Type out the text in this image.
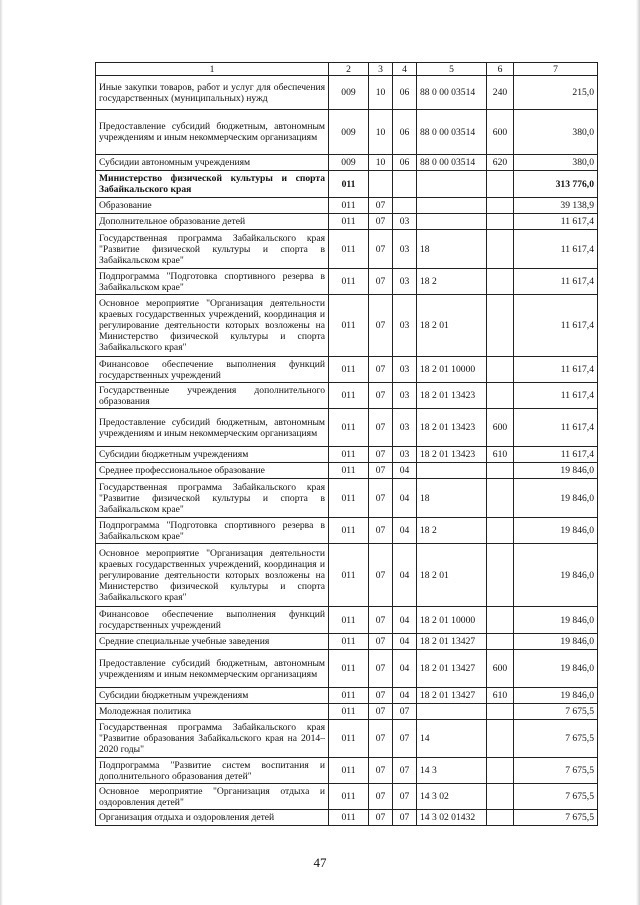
1	2	3	4	5	6	7
Иные закупки товаров, работ и услуг для обеспечения государственных (муниципальных) нужд	009	10	06	88 0 00 03514	240	215,0
Предоставление субсидий бюджетным, автономным учреждениям и иным некоммерческим организациям	009	10	06	88 0 00 03514	600	380,0
Субсидии автономным учреждениям	009	10	06	88 0 00 03514	620	380,0
Министерство физической культуры и спорта Забайкальского края	011					313 776,0
Образование	011	07				39 138,9
Дополнительное образование детей	011	07	03			11 617,4
Государственная программа Забайкальского края "Развитие физической культуры и спорта в Забайкальском крае"	011	07	03	18		11 617,4
Подпрограмма "Подготовка спортивного резерва в Забайкальском крае"	011	07	03	18 2		11 617,4
Основное мероприятие "Организация деятельности краевых государственных учреждений, координация и регулирование деятельности которых возложены на Министерство физической культуры и спорта Забайкальского края"	011	07	03	18 2 01		11 617,4
Финансовое обеспечение выполнения функций государственных учреждений	011	07	03	18 2 01 10000		11 617,4
Государственные учреждения дополнительного образования	011	07	03	18 2 01 13423		11 617,4
Предоставление субсидий бюджетным, автономным учреждениям и иным некоммерческим организациям	011	07	03	18 2 01 13423	600	11 617,4
Субсидии бюджетным учреждениям	011	07	03	18 2 01 13423	610	11 617,4
Среднее профессиональное образование	011	07	04			19 846,0
Государственная программа Забайкальского края "Развитие физической культуры и спорта в Забайкальском крае"	011	07	04	18		19 846,0
Подпрограмма "Подготовка спортивного резерва в Забайкальском крае"	011	07	04	18 2		19 846,0
Основное мероприятие "Организация деятельности краевых государственных учреждений, координация и регулирование деятельности которых возложены на Министерство физической культуры и спорта Забайкальского края"	011	07	04	18 2 01		19 846,0
Финансовое обеспечение выполнения функций государственных учреждений	011	07	04	18 2 01 10000		19 846,0
Средние специальные учебные заведения	011	07	04	18 2 01 13427		19 846,0
Предоставление субсидий бюджетным, автономным учреждениям и иным некоммерческим организациям	011	07	04	18 2 01 13427	600	19 846,0
Субсидии бюджетным учреждениям	011	07	04	18 2 01 13427	610	19 846,0
Молодежная политика	011	07	07			7 675,5
Государственная программа Забайкальского края "Развитие образования Забайкальского края на 2014–2020 годы"	011	07	07	14		7 675,5
Подпрограмма "Развитие систем воспитания и дополнительного образования детей"	011	07	07	14 3		7 675,5
Основное мероприятие "Организация отдыха и оздоровления детей"	011	07	07	14 3 02		7 675,5
Организация отдыха и оздоровления детей	011	07	07	14 3 02 01432		7 675,5
47
